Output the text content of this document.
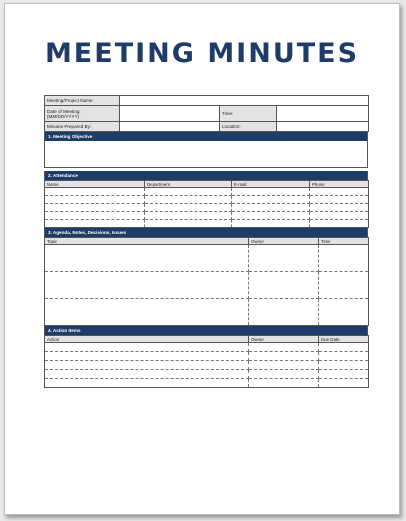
MEETING MINUTES
Meeting/Project Name:			
Date of Meeting:
(MM/DD/YYYY)		Time:	
Minutes Prepared By:		Location:	
1. Meeting Objective
2. Attendance
Name	Department	E-mail	Phone

3. Agenda, Notes, Decisions, Issues
Topic	Owner	Time

4. Action Items
Action	Owner	Due Date
